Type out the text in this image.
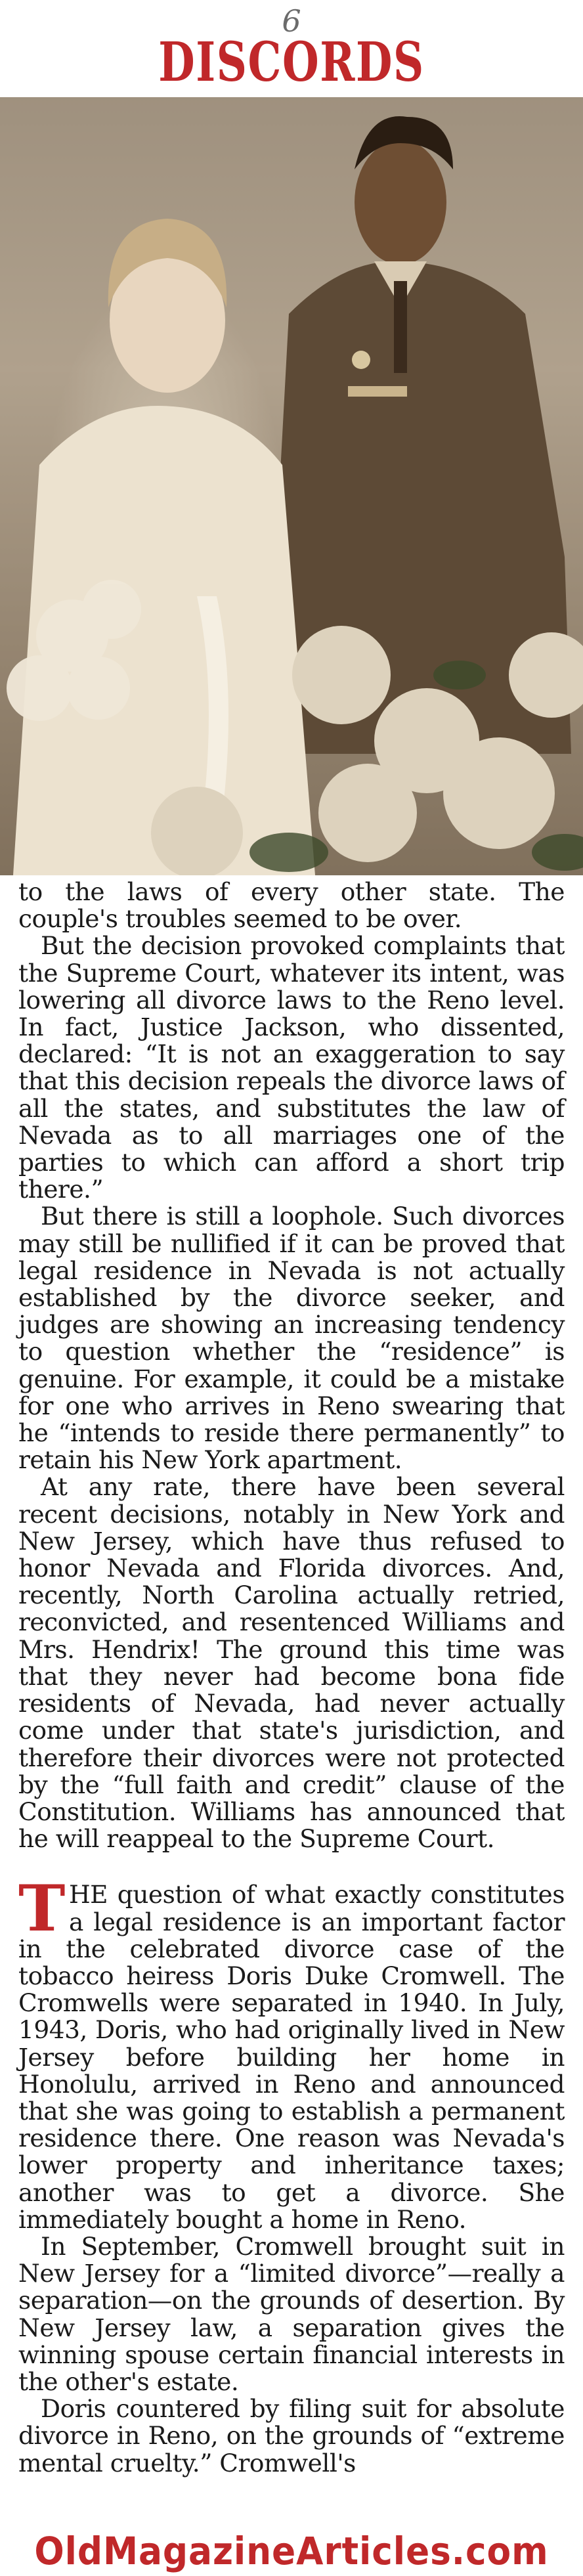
6
DISCORDS

to the laws of every other state. The couple's troubles seemed to be over.

But the decision provoked complaints that the Supreme Court, whatever its intent, was lowering all divorce laws to the Reno level. In fact, Justice Jackson, who dissented, declared: “It is not an exaggeration to say that this decision repeals the divorce laws of all the states, and substitutes the law of Nevada as to all marriages one of the parties to which can afford a short trip there.”

But there is still a loophole. Such divorces may still be nullified if it can be proved that legal residence in Nevada is not actually established by the divorce seeker, and judges are showing an increasing tendency to question whether the “residence” is genuine. For example, it could be a mistake for one who arrives in Reno swearing that he “intends to reside there permanently” to retain his New York apartment.

At any rate, there have been several recent decisions, notably in New York and New Jersey, which have thus refused to honor Nevada and Florida divorces. And, recently, North Carolina actually retried, reconvicted, and resentenced Williams and Mrs. Hendrix! The ground this time was that they never had become bona fide residents of Nevada, had never actually come under that state's jurisdiction, and therefore their divorces were not protected by the “full faith and credit” clause of the Constitution. Williams has announced that he will reappeal to the Supreme Court.

THE question of what exactly constitutes a legal residence is an important factor in the celebrated divorce case of the tobacco heiress Doris Duke Cromwell. The Cromwells were separated in 1940. In July, 1943, Doris, who had originally lived in New Jersey before building her home in Honolulu, arrived in Reno and announced that she was going to establish a permanent residence there. One reason was Nevada's lower property and inheritance taxes; another was to get a divorce. She immediately bought a home in Reno.

In September, Cromwell brought suit in New Jersey for a “limited divorce”—really a separation—on the grounds of desertion. By New Jersey law, a separation gives the winning spouse certain financial interests in the other's estate.

Doris countered by filing suit for absolute divorce in Reno, on the grounds of “extreme mental cruelty.” Cromwell's

OldMagazineArticles.com
